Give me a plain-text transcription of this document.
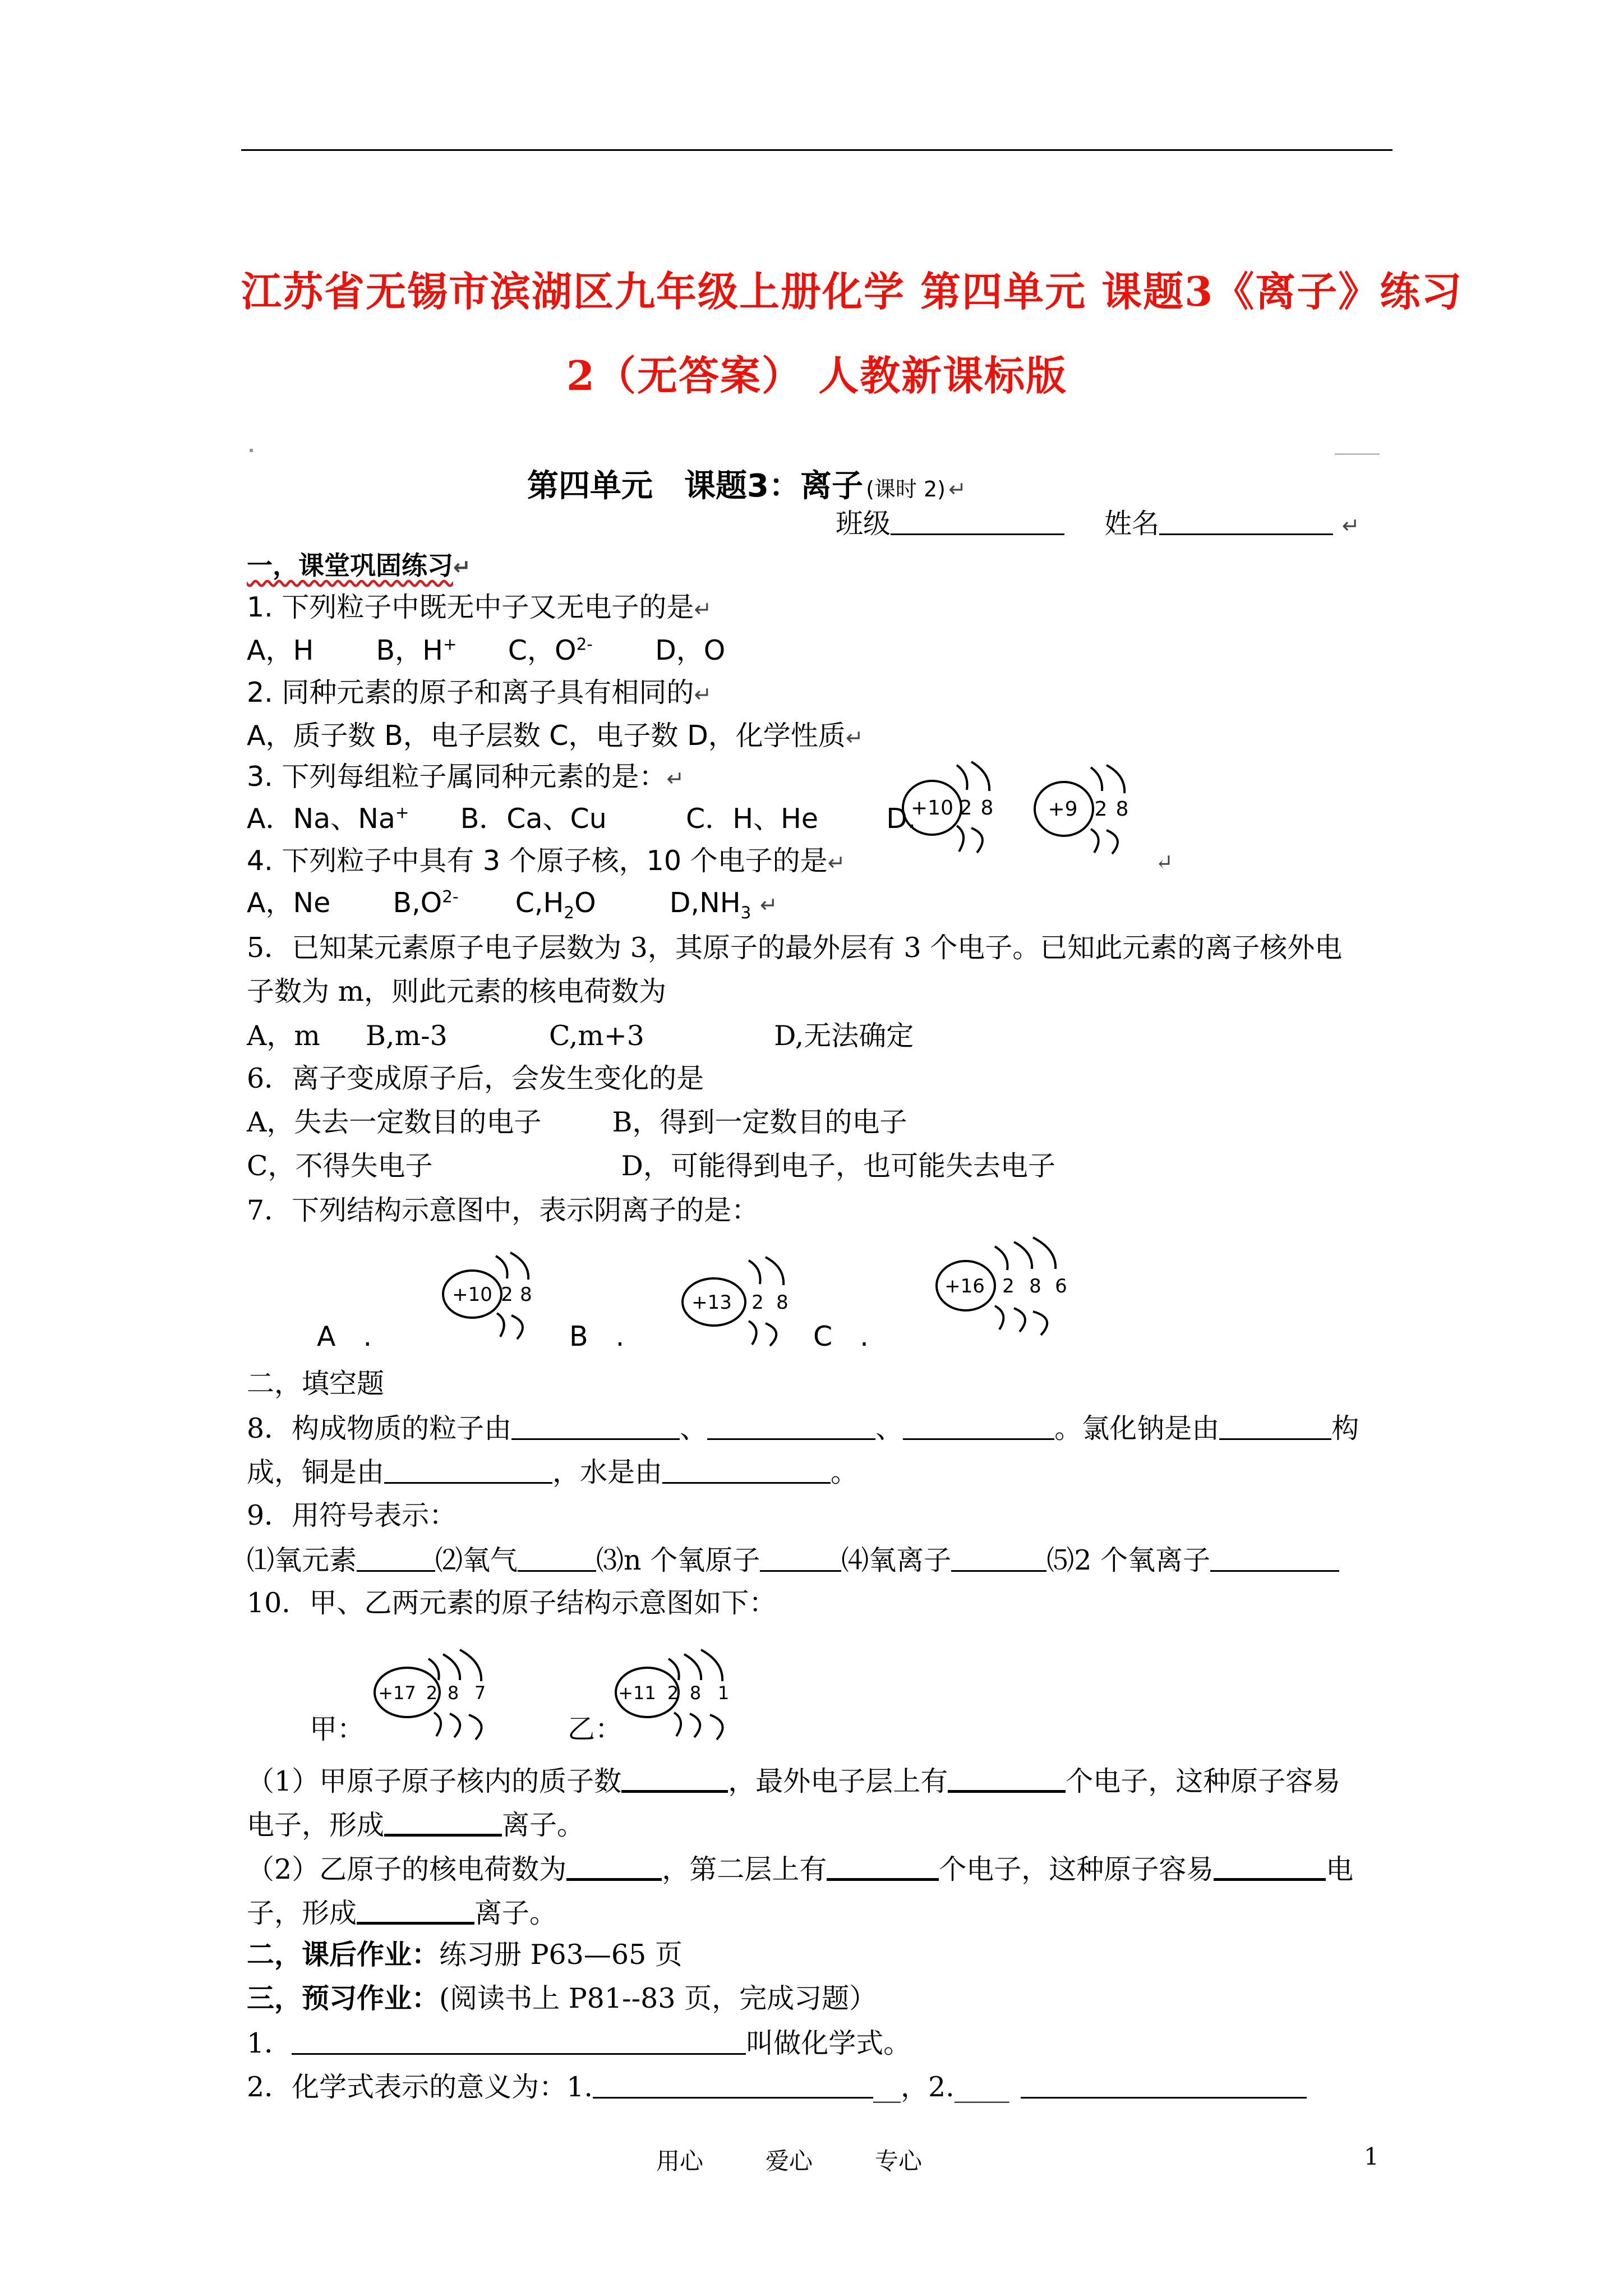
江苏省无锡市滨湖区九年级上册化学 第四单元 课题3《离子》练习
2（无答案） 人教新课标版
第四单元　课题3：离子 (课时 2) ↵
班级	姓名	↵
一，课堂巩固练习↵
1. 下列粒子中既无中子又无电子的是↵
A，H B，H+ C，$O^{2-}$ D，O
2. 同种元素的原子和离子具有相同的↵
A，质子数 B，电子层数 C，电子数 D，化学性质↵
3. 下列每组粒子属同种元素的是：↵
A．Na、Na+ B．Ca、Cu	C．H、He D.
+10 2 8	+9 2 8
↵
4. 下列粒子中具有 3 个原子核，10 个电子的是↵
A，Ne $B,O^{2-}$ $C,H_2O$	$D,NH_3$ ↵
5．已知某元素原子电子层数为 3，其原子的最外层有 3 个电子。已知此元素的离子核外电
子数为 m，则此元素的核电荷数为
A，m B,m-3	C,m+3	D,无法确定
6．离子变成原子后，会发生变化的是
A，失去一定数目的电子	B，得到一定数目的电子
C，不得失电子	D，可能得到电子，也可能失去电子
7．下列结构示意图中，表示阴离子的是：
+10 2 8	+13 2 8
+16 2 8 6
A　.	B　.	C　.
二，填空题
8．构成物质的粒子由	、	、	。氯化钠是由	构
成，铜是由	，水是由	。
9．用符号表示：
⑴氧元素	⑵氧气	⑶n 个氧原子	⑷氧离子	⑸2 个氧离子
10．甲、乙两元素的原子结构示意图如下：
+17 2 8 7	+11 2 8 1
甲：	乙：
（1）甲原子原子核内的质子数	，最外电子层上有	个电子，这种原子容易
电子，形成	离子。
（2）乙原子的核电荷数为	，第二层上有	个电子，这种原子容易	电
子，形成	离子。
二，课后作业：练习册 P63—65 页
三，预习作业：(阅读书上 P81--83 页，完成习题）
1．	叫做化学式。
2．化学式表示的意义为：1.	__，2.____
用心	爱心	专心	1
